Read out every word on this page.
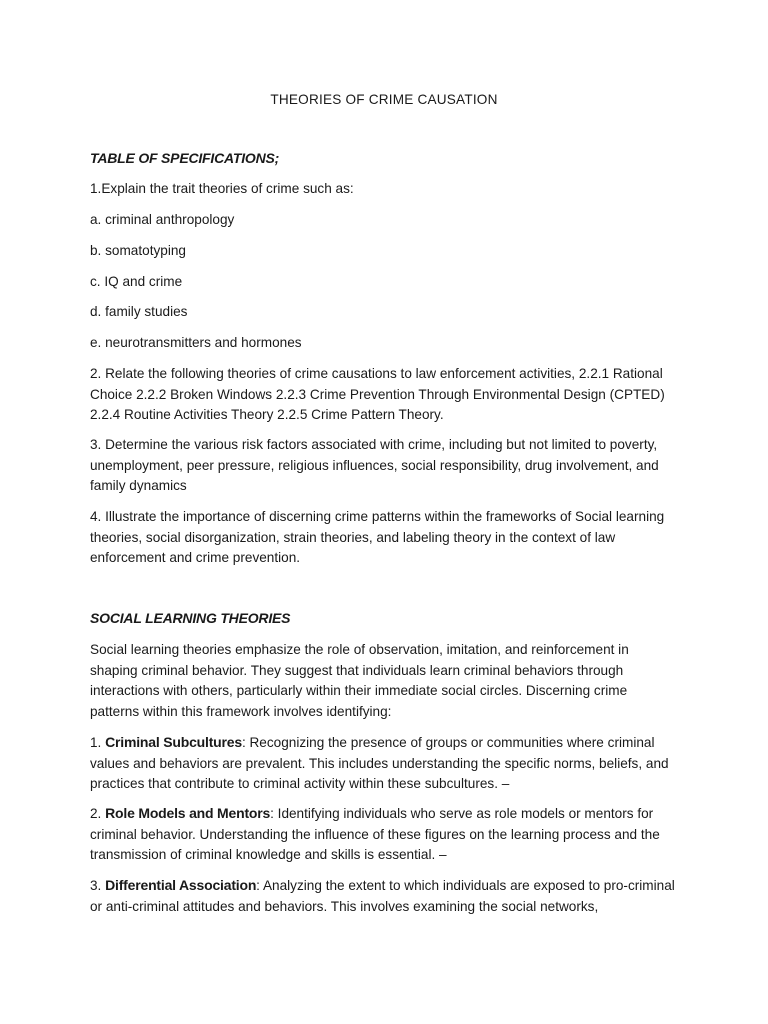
THEORIES OF CRIME CAUSATION

TABLE OF SPECIFICATIONS;

1.Explain the trait theories of crime such as:

a. criminal anthropology

b. somatotyping

c. IQ and crime

d. family studies

e. neurotransmitters and hormones

2. Relate the following theories of crime causations to law enforcement activities, 2.2.1 Rational Choice 2.2.2 Broken Windows 2.2.3 Crime Prevention Through Environmental Design (CPTED) 2.2.4 Routine Activities Theory 2.2.5 Crime Pattern Theory.

3. Determine the various risk factors associated with crime, including but not limited to poverty, unemployment, peer pressure, religious influences, social responsibility, drug involvement, and family dynamics

4. Illustrate the importance of discerning crime patterns within the frameworks of Social learning theories, social disorganization, strain theories, and labeling theory in the context of law enforcement and crime prevention.

SOCIAL LEARNING THEORIES

Social learning theories emphasize the role of observation, imitation, and reinforcement in shaping criminal behavior. They suggest that individuals learn criminal behaviors through interactions with others, particularly within their immediate social circles. Discerning crime patterns within this framework involves identifying:

1. Criminal Subcultures: Recognizing the presence of groups or communities where criminal values and behaviors are prevalent. This includes understanding the specific norms, beliefs, and practices that contribute to criminal activity within these subcultures. –

2. Role Models and Mentors: Identifying individuals who serve as role models or mentors for criminal behavior. Understanding the influence of these figures on the learning process and the transmission of criminal knowledge and skills is essential. –

3. Differential Association: Analyzing the extent to which individuals are exposed to pro-criminal or anti-criminal attitudes and behaviors. This involves examining the social networks,
